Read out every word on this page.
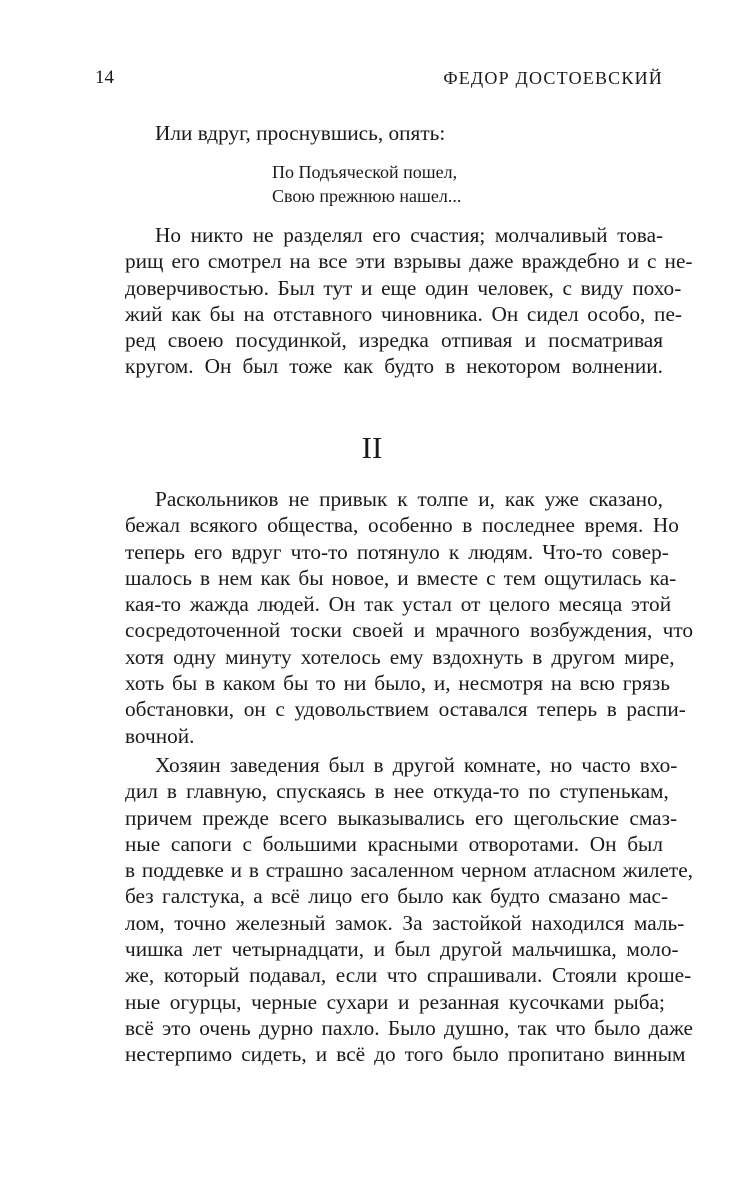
14	ФЕДОР ДОСТОЕВСКИЙ

Или вдруг, проснувшись, опять:

По Подъяческой пошел,
Свою прежнюю нашел...

Но никто не разделял его счастия; молчаливый това-
рищ его смотрел на все эти взрывы даже враждебно и с не-
доверчивостью. Был тут и еще один человек, с виду похо-
жий как бы на отставного чиновника. Он сидел особо, пе-
ред своею посудинкой, изредка отпивая и посматривая
кругом. Он был тоже как будто в некотором волнении.

II

Раскольников не привык к толпе и, как уже сказано,
бежал всякого общества, особенно в последнее время. Но
теперь его вдруг что-то потянуло к людям. Что-то совер-
шалось в нем как бы новое, и вместе с тем ощутилась ка-
кая-то жажда людей. Он так устал от целого месяца этой
сосредоточенной тоски своей и мрачного возбуждения, что
хотя одну минуту хотелось ему вздохнуть в другом мире,
хоть бы в каком бы то ни было, и, несмотря на всю грязь
обстановки, он с удовольствием оставался теперь в распи-
вочной.

Хозяин заведения был в другой комнате, но часто вхо-
дил в главную, спускаясь в нее откуда-то по ступенькам,
причем прежде всего выказывались его щегольские смаз-
ные сапоги с большими красными отворотами. Он был
в поддевке и в страшно засаленном черном атласном жилете,
без галстука, а всё лицо его было как будто смазано мас-
лом, точно железный замок. За застойкой находился маль-
чишка лет четырнадцати, и был другой мальчишка, моло-
же, который подавал, если что спрашивали. Стояли кроше-
ные огурцы, черные сухари и резанная кусочками рыба;
всё это очень дурно пахло. Было душно, так что было даже
нестерпимо сидеть, и всё до того было пропитано винным
